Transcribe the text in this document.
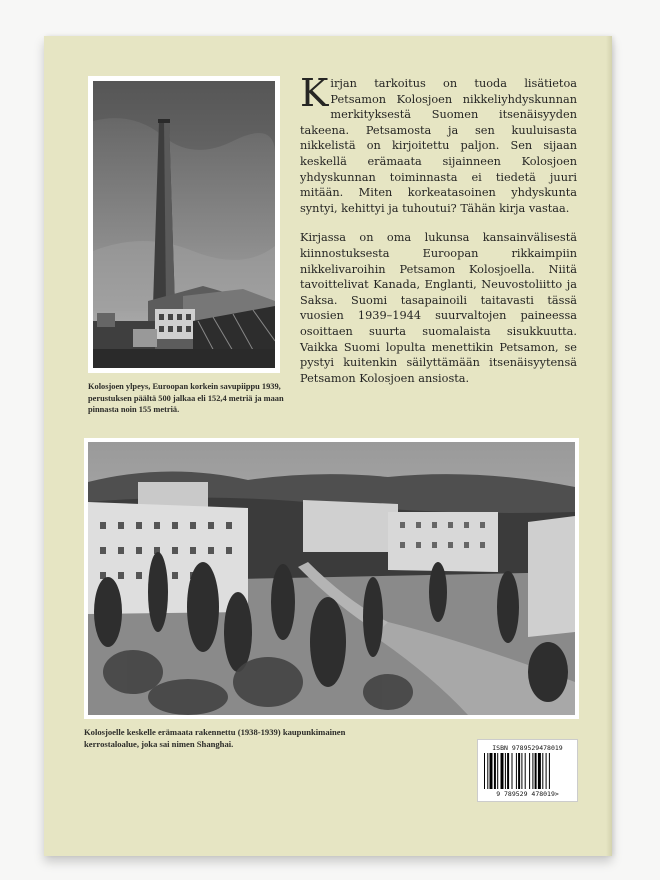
Kolosjoen ylpeys, Euroopan korkein savupiippu 1939, perustuksen päältä 500 jalkaa eli 152,4 metriä ja maan pinnasta noin 155 metriä.

Kirjan tarkoitus on tuoda lisätietoa Petsamon Kolosjoen nikkeliyhdyskunnan merkityksestä Suomen itsenäisyyden takeena. Petsamosta ja sen kuuluisasta nikkelistä on kirjoitettu paljon. Sen sijaan keskellä erämaata sijainneen Kolosjoen yhdyskunnan toiminnasta ei tiedetä juuri mitään. Miten korkeatasoinen yhdyskunta syntyi, kehittyi ja tuhoutui? Tähän kirja vastaa.

Kirjassa on oma lukunsa kansainvälisestä kiinnostuksesta Euroopan rikkaimpiin nikkelivaroihin Petsamon Kolosjoella. Niitä tavoittelivat Kanada, Englanti, Neuvostoliitto ja Saksa. Suomi tasapainoili taitavasti tässä vuosien 1939–1944 suurvaltojen paineessa osoittaen suurta suomalaista sisukkuutta. Vaikka Suomi lopulta menettikin Petsamon, se pystyi kuitenkin säilyttämään itsenäisyytensä Petsamon Kolosjoen ansiosta.

Kolosjoelle keskelle erämaata rakennettu (1938-1939) kaupunkimainen
kerrostaloalue, joka sai nimen Shanghai.	ISBN 9789529478019
9 789529 478019>
